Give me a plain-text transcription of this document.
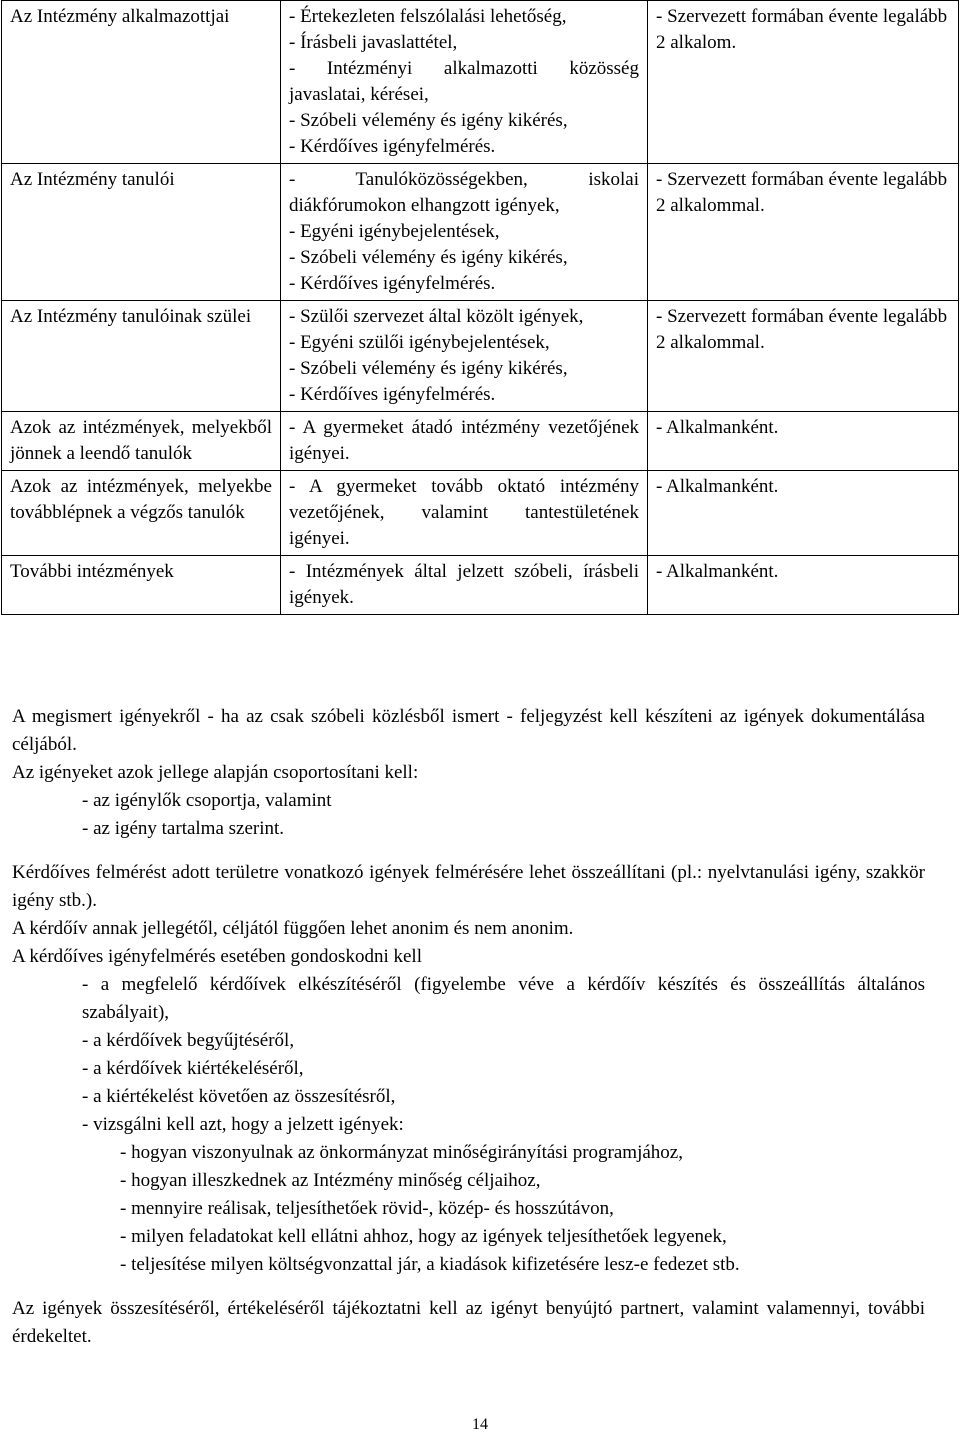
Az Intézmény alkalmazottjai	- Értekezleten felszólalási lehetőség,
- Írásbeli javaslattétel,
- Intézményi alkalmazotti közösség javaslatai, kérései,
- Szóbeli vélemény és igény kikérés,
- Kérdőíves igényfelmérés.	- Szervezett formában évente legalább 2 alkalom.
Az Intézmény tanulói	- Tanulóközösségekben, iskolai diákfórumokon elhangzott igények,
- Egyéni igénybejelentések,
- Szóbeli vélemény és igény kikérés,
- Kérdőíves igényfelmérés.	- Szervezett formában évente legalább 2 alkalommal.
Az Intézmény tanulóinak szülei	- Szülői szervezet által közölt igények,
- Egyéni szülői igénybejelentések,
- Szóbeli vélemény és igény kikérés,
- Kérdőíves igényfelmérés.	- Szervezett formában évente legalább 2 alkalommal.
Azok az intézmények, melyekből jönnek a leendő tanulók	- A gyermeket átadó intézmény vezetőjének igényei.	- Alkalmanként.
Azok az intézmények, melyekbe továbblépnek a végzős tanulók	- A gyermeket tovább oktató intézmény vezetőjének, valamint tantestületének igényei.	- Alkalmanként.
További intézmények	- Intézmények által jelzett szóbeli, írásbeli igények.	- Alkalmanként.

A megismert igényekről - ha az csak szóbeli közlésből ismert - feljegyzést kell készíteni az igények dokumentálása céljából.

Az igényeket azok jellege alapján csoportosítani kell:

- az igénylők csoportja, valamint

- az igény tartalma szerint.

Kérdőíves felmérést adott területre vonatkozó igények felmérésére lehet összeállítani (pl.: nyelvtanulási igény, szakkör igény stb.).

A kérdőív annak jellegétől, céljától függően lehet anonim és nem anonim.

A kérdőíves igényfelmérés esetében gondoskodni kell

- a megfelelő kérdőívek elkészítéséről (figyelembe véve a kérdőív készítés és összeállítás általános szabályait),

- a kérdőívek begyűjtéséről,

- a kérdőívek kiértékeléséről,

- a kiértékelést követően az összesítésről,

- vizsgálni kell azt, hogy a jelzett igények:

- hogyan viszonyulnak az önkormányzat minőségirányítási programjához,

- hogyan illeszkednek az Intézmény minőség céljaihoz,

- mennyire reálisak, teljesíthetőek rövid-, közép- és hosszútávon,

- milyen feladatokat kell ellátni ahhoz, hogy az igények teljesíthetőek legyenek,

- teljesítése milyen költségvonzattal jár, a kiadások kifizetésére lesz-e fedezet stb.

Az igények összesítéséről, értékeléséről tájékoztatni kell az igényt benyújtó partnert, valamint valamennyi, további érdekeltet.

14
